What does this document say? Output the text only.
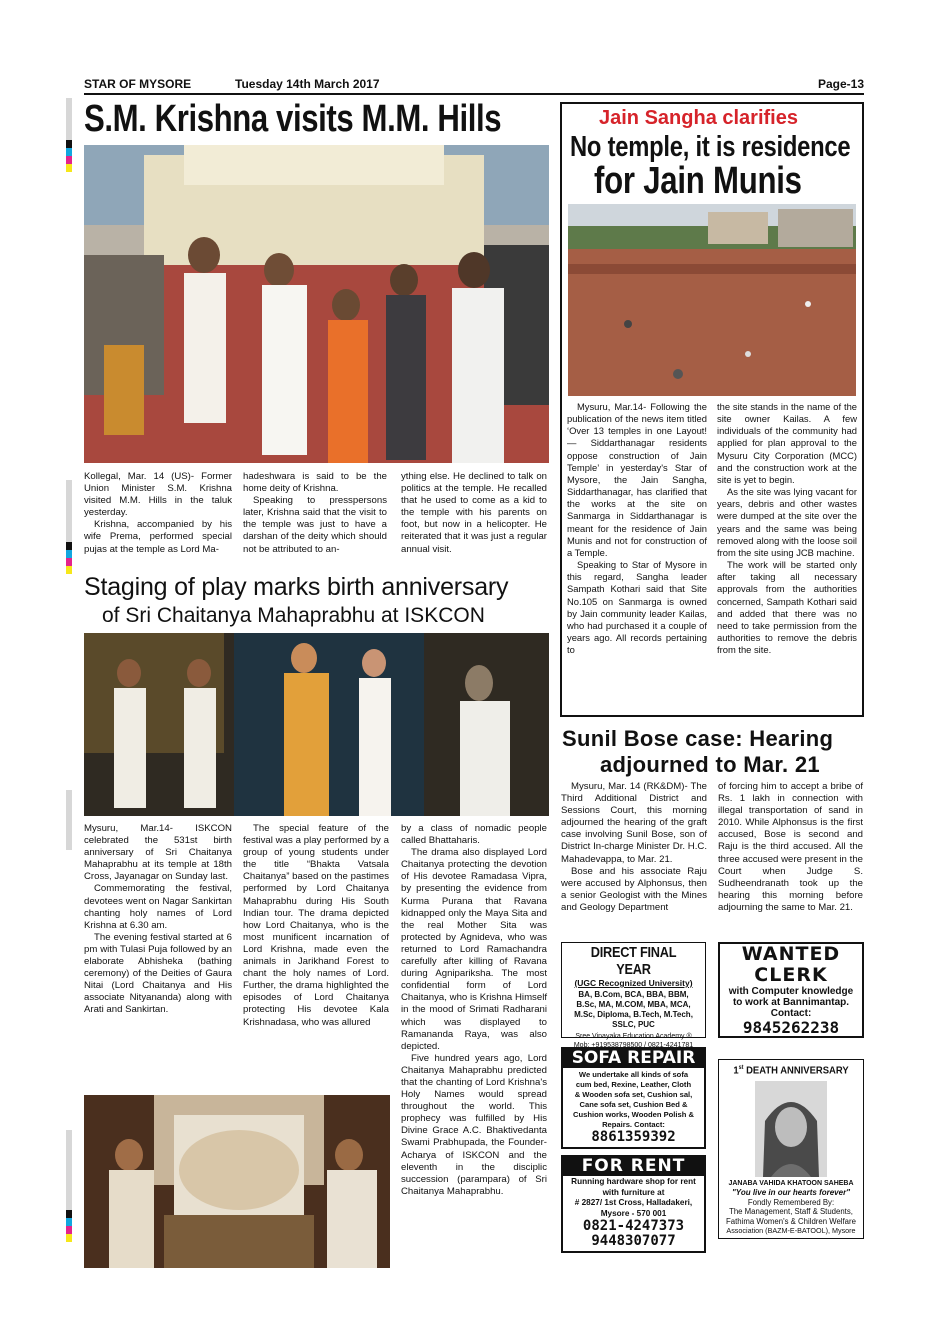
STAR OF MYSORE	Tuesday 14th March 2017	Page-13
S.M. Krishna visits M.M. Hills

Kollegal, Mar. 14 (US)- Former Union Minister S.M. Krishna visited M.M. Hills in the taluk yesterday.

Krishna, accompanied by his wife Prema, performed special pujas at the temple as Lord Ma-

hadeshwara is said to be the home deity of Krishna.

Speaking to presspersons later, Krishna said that the visit to the temple was just to have a darshan of the deity which should not be attributed to an-

ything else. He declined to talk on politics at the temple. He recalled that he used to come as a kid to the temple with his parents on foot, but now in a helicopter. He reiterated that it was just a regular annual visit.

Staging of play marks birth anniversary
of Sri Chaitanya Mahaprabhu at ISKCON

Mysuru, Mar.14- ISKCON celebrated the 531st birth anniversary of Sri Chaitanya Mahaprabhu at its temple at 18th Cross, Jayanagar on Sunday last.

Commemorating the festival, devotees went on Nagar Sankirtan chanting holy names of Lord Krishna at 6.30 am.

The evening festival started at 6 pm with Tulasi Puja followed by an elaborate Abhisheka (bathing ceremony) of the Deities of Gaura Nitai (Lord Chaitanya and His associate Nityananda) along with Arati and Sankirtan.

The special feature of the festival was a play performed by a group of young students under the title “Bhakta Vatsala Chaitanya” based on the pastimes performed by Lord Chaitanya Mahaprabhu during His South Indian tour. The drama depicted how Lord Chaitanya, who is the most munificent incarnation of Lord Krishna, made even the animals in Jarikhand Forest to chant the holy names of Lord. Further, the drama highlighted the episodes of Lord Chaitanya protecting His devotee Kala Krishnadasa, who was allured

by a class of nomadic people called Bhattaharis.

The drama also displayed Lord Chaitanya protecting the devotion of His devotee Ramadasa Vipra, by presenting the evidence from Kurma Purana that Ravana kidnapped only the Maya Sita and the real Mother Sita was protected by Agnideva, who was returned to Lord Ramachandra carefully after killing of Ravana during Agnipariksha. The most confidential form of Lord Chaitanya, who is Krishna Himself in the mood of Srimati Radharani which was displayed to Ramananda Raya, was also depicted.

Five hundred years ago, Lord Chaitanya Mahaprabhu predicted that the chanting of Lord Krishna's Holy Names would spread throughout the world. This prophecy was fulfilled by His Divine Grace A.C. Bhaktivedanta Swami Prabhupada, the Founder-Acharya of ISKCON and the eleventh in the disciplic succession (parampara) of Sri Chaitanya Mahaprabhu.

Jain Sangha clarifies
No temple, it is residence
for Jain Munis

Mysuru, Mar.14- Following the publication of the news item titled ‘Over 13 temples in one Layout! — Siddarthanagar residents oppose construction of Jain Temple’ in yesterday's Star of Mysore, the Jain Sangha, Siddarthanagar, has clarified that the works at the site on Sanmarga in Siddarthanagar is meant for the residence of Jain Munis and not for construction of a Temple.

Speaking to Star of Mysore in this regard, Sangha leader Sampath Kothari said that Site No.105 on Sanmarga is owned by Jain community leader Kailas, who had purchased it a couple of years ago. All records pertaining to

the site stands in the name of the site owner Kailas. A few individuals of the community had applied for plan approval to the Mysuru City Corporation (MCC) and the construction work at the site is yet to begin.

As the site was lying vacant for years, debris and other wastes were dumped at the site over the years and the same was being removed along with the loose soil from the site using JCB machine.

The work will be started only after taking all necessary approvals from the authorities concerned, Sampath Kothari said and added that there was no need to take permission from the authorities to remove the debris from the site.

Sunil Bose case: Hearing
adjourned to Mar. 21

Mysuru, Mar. 14 (RK&DM)- The Third Additional District and Sessions Court, this morning adjourned the hearing of the graft case involving Sunil Bose, son of District In-charge Minister Dr. H.C. Mahadevappa, to Mar. 21.

Bose and his associate Raju were accused by Alphonsus, then a senior Geologist with the Mines and Geology Department

of forcing him to accept a bribe of Rs. 1 lakh in connection with illegal transportation of sand in 2010. While Alphonsus is the first accused, Bose is second and Raju is the third accused. All the three accused were present in the Court when Judge S. Sudheendranath took up the hearing this morning before adjourning the same to Mar. 21.

DIRECT FINAL YEAR
(UGC Recognized University)
BA, B.Com, BCA, BBA, BBM,
B.Sc, MA, M.COM, MBA, MCA,
M.Sc, Diploma, B.Tech, M.Tech,
SSLC, PUC
Sree Vinayaka Education Academy ®
Mob: +919538798500 / 0821-4241781
WANTED
CLERK
with Computer knowledge
to work at Bannimantap.
Contact:
9845262238
SOFA REPAIR
We undertake all kinds of sofa
cum bed, Rexine, Leather, Cloth
& Wooden sofa set, Cushion sal,
Cane sofa set, Cushion Bed &
Cushion works, Wooden Polish &
Repairs. Contact:
8861359392
FOR RENT
Running hardware shop for rent
with furniture at
# 2827/ 1st Cross, Halladakeri,
Mysore - 570 001
0821-4247373
9448307077
1st DEATH ANNIVERSARY
JANABA VAHIDA KHATOON SAHEBA
"You live in our hearts forever"
Fondly Remembered By:
The Management, Staff & Students,
Fathima Women's & Children Welfare
Association (BAZM-E-BATOOL), Mysore
